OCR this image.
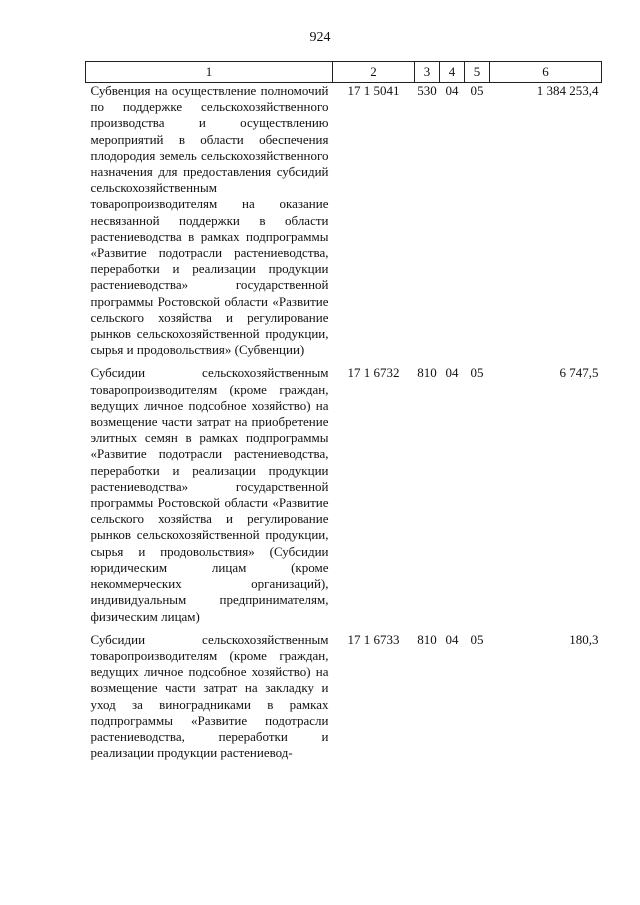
924
1	2	3	4	5	6
Субвенция на осуществление полномочий по поддержке сельскохозяйственного производства и осуществлению мероприятий в области обеспечения плодородия земель сельскохозяйственного назначения для предоставления субсидий сельскохозяйственным товаропроизводителям на оказание несвязанной поддержки в области растениеводства в рамках подпрограммы «Развитие подотрасли растениеводства, переработки и реализации продукции растениеводства» государственной программы Ростовской области «Развитие сельского хозяйства и регулирование рынков сельскохозяйственной продукции, сырья и продовольствия» (Субвенции)	17 1 5041	530	04	05	1 384 253,4
Субсидии сельскохозяйственным товаропроизводителям (кроме граждан, ведущих личное подсобное хозяйство) на возмещение части затрат на приобретение элитных семян в рамках подпрограммы «Развитие подотрасли растениеводства, переработки и реализации продукции растениеводства» государственной программы Ростовской области «Развитие сельского хозяйства и регулирование рынков сельскохозяйственной продукции, сырья и продовольствия» (Субсидии юридическим лицам (кроме некоммерческих организаций), индивидуальным предпринимателям, физическим лицам)	17 1 6732	810	04	05	6 747,5
Субсидии сельскохозяйственным товаропроизводителям (кроме граждан, ведущих личное подсобное хозяйство) на возмещение части затрат на закладку и уход за виноградниками в рамках подпрограммы «Развитие подотрасли растениеводства, переработки и реализации продукции растениевод-	17 1 6733	810	04	05	180,3
